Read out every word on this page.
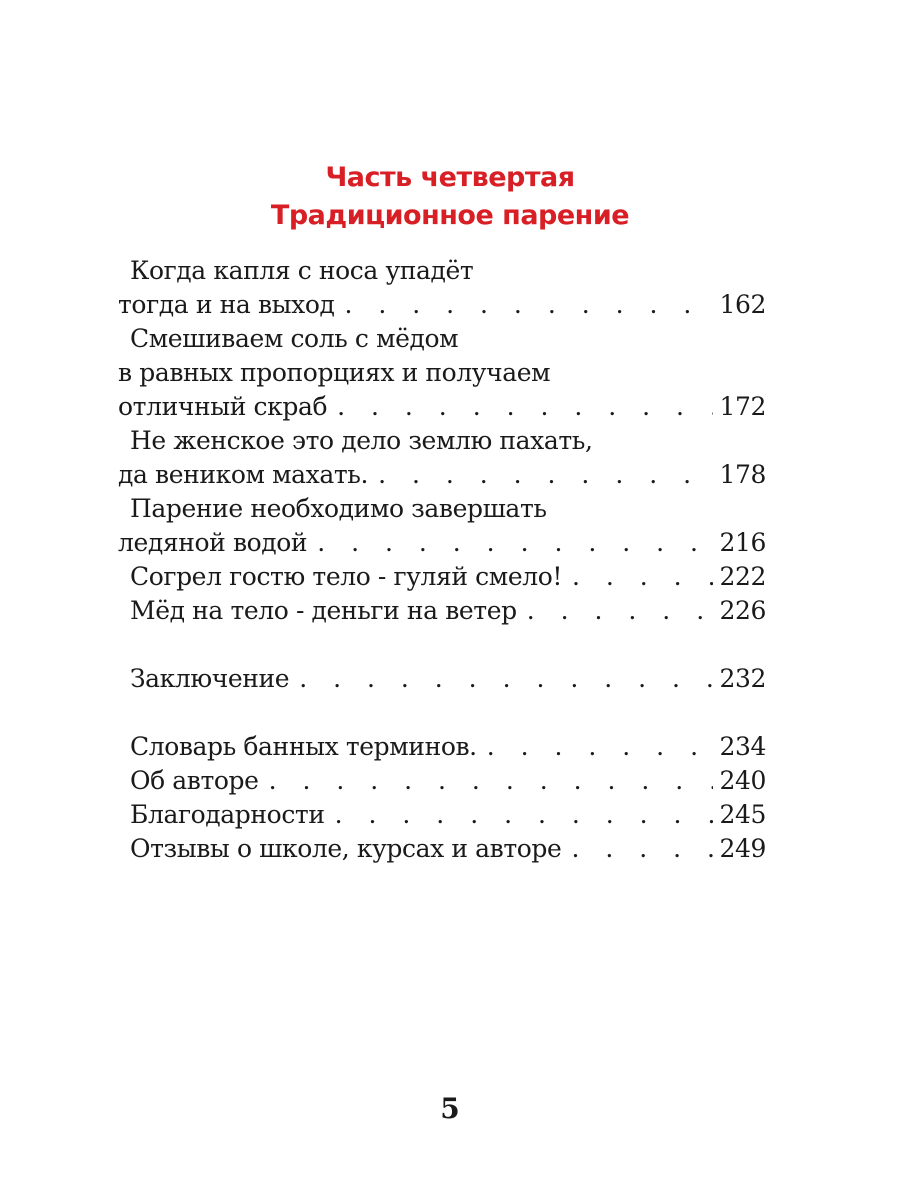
Часть четвертая
Традиционное парение
Когда капля с носа упадёт
тогда и на выход . . .	162
Смешиваем соль с мёдом
в равных пропорциях и получаем
отличный скраб . . .	172
Не женское это дело землю пахать,
да веником махать. . . .	178
Парение необходимо завершать
ледяной водой . . .	216
Согрел гостю тело - гуляй смело! . . .	222
Мёд на тело - деньги на ветер . . .	226
Заключение . . .	232
Словарь банных терминов. . . .	234
Об авторе . . .	240
Благодарности . . .	245
Отзывы о школе, курсах и авторе . . .	249
5
